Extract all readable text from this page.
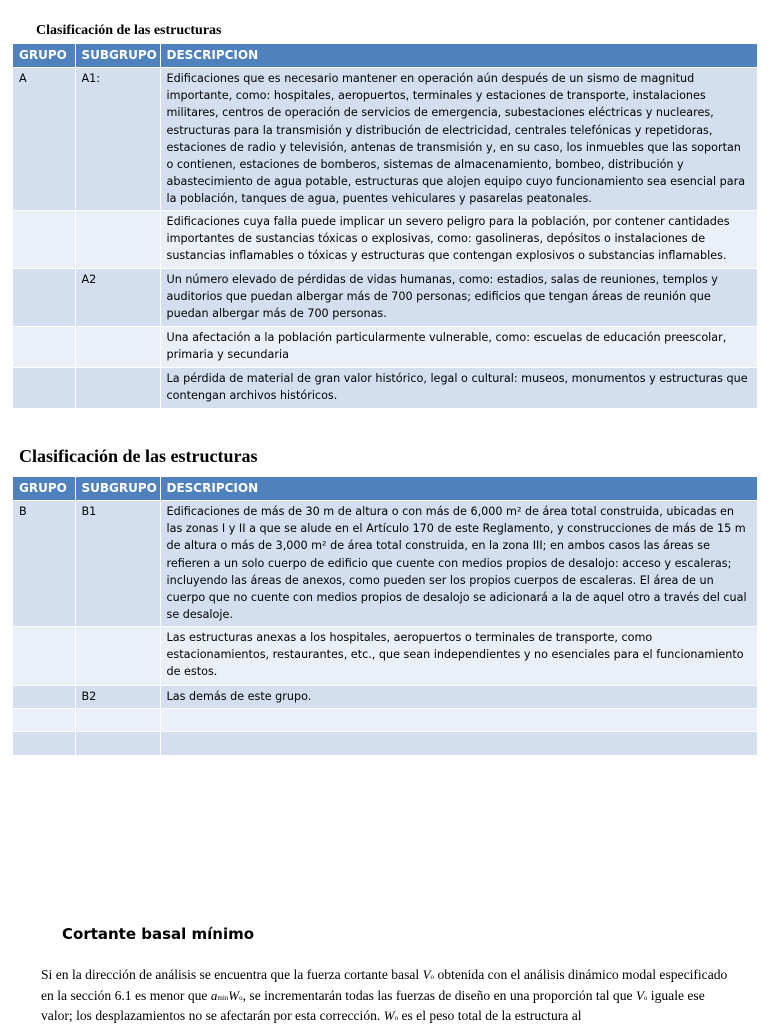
Clasificación de las estructuras
GRUPO	SUBGRUPO	DESCRIPCION
A	A1:	Edificaciones que es necesario mantener en operación aún después de un sismo de magnitud importante, como: hospitales, aeropuertos, terminales y estaciones de transporte, instalaciones militares, centros de operación de servicios de emergencia, subestaciones eléctricas y nucleares, estructuras para la transmisión y distribución de electricidad, centrales telefónicas y repetidoras, estaciones de radio y televisión, antenas de transmisión y, en su caso, los inmuebles que las soportan o contienen, estaciones de bomberos, sistemas de almacenamiento, bombeo, distribución y abastecimiento de agua potable, estructuras que alojen equipo cuyo funcionamiento sea esencial para la población, tanques de agua, puentes vehiculares y pasarelas peatonales.
		Edificaciones cuya falla puede implicar un severo peligro para la población, por contener cantidades importantes de sustancias tóxicas o explosivas, como: gasolineras, depósitos o instalaciones de sustancias inflamables o tóxicas y estructuras que contengan explosivos o substancias inflamables.
	A2	Un número elevado de pérdidas de vidas humanas, como: estadios, salas de reuniones, templos y auditorios que puedan albergar más de 700 personas; edificios que tengan áreas de reunión que puedan albergar más de 700 personas.
		Una afectación a la población particularmente vulnerable, como: escuelas de educación preescolar, primaria y secundaria
		La pérdida de material de gran valor histórico, legal o cultural: museos, monumentos y estructuras que contengan archivos históricos.
Clasificación de las estructuras
GRUPO	SUBGRUPO	DESCRIPCION
B	B1	Edificaciones de más de 30 m de altura o con más de 6,000 m² de área total construida, ubicadas en las zonas I y II a que se alude en el Artículo 170 de este Reglamento, y construcciones de más de 15 m de altura o más de 3,000 m² de área total construida, en la zona III; en ambos casos las áreas se refieren a un solo cuerpo de edificio que cuente con medios propios de desalojo: acceso y escaleras; incluyendo las áreas de anexos, como pueden ser los propios cuerpos de escaleras. El área de un cuerpo que no cuente con medios propios de desalojo se adicionará a la de aquel otro a través del cual se desaloje.
		Las estructuras anexas a los hospitales, aeropuertos o terminales de transporte, como estacionamientos, restaurantes, etc., que sean independientes y no esenciales para el funcionamiento de estos.
	B2	Las demás de este grupo.

Cortante basal mínimo
Si en la dirección de análisis se encuentra que la fuerza cortante basal Vo obtenida con el análisis dinámico modal especificado en la sección 6.1 es menor que aminWo, se incrementarán todas las fuerzas de diseño en una proporción tal que Vo iguale ese valor; los desplazamientos no se afectarán por esta corrección. Wo es el peso total de la estructura al
